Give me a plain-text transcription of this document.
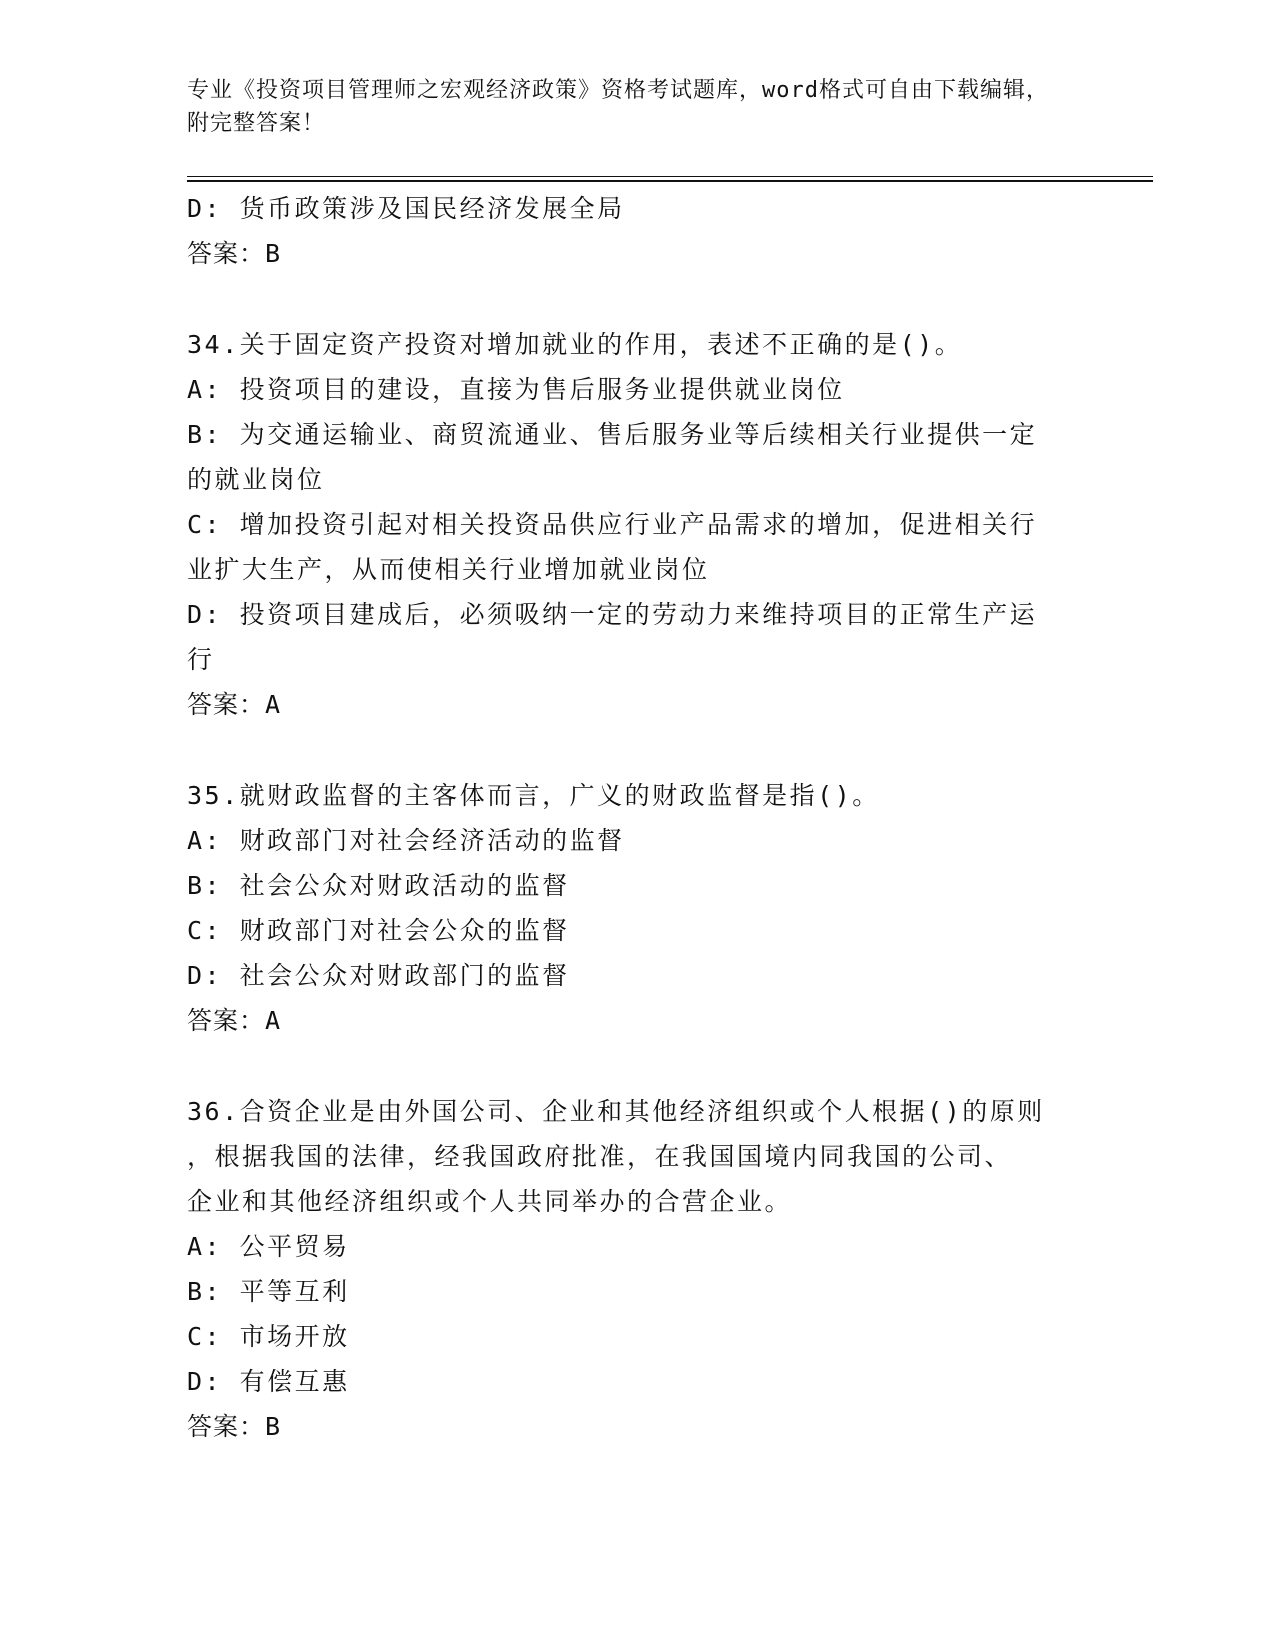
专业《投资项目管理师之宏观经济政策》资格考试题库，word格式可自由下载编辑，附完整答案！
D: 货币政策涉及国民经济发展全局
答案：B
34.关于固定资产投资对增加就业的作用，表述不正确的是()。
A: 投资项目的建设，直接为售后服务业提供就业岗位
B: 为交通运输业、商贸流通业、售后服务业等后续相关行业提供一定
的就业岗位
C: 增加投资引起对相关投资品供应行业产品需求的增加，促进相关行
业扩大生产，从而使相关行业增加就业岗位
D: 投资项目建成后，必须吸纳一定的劳动力来维持项目的正常生产运
行
答案：A
35.就财政监督的主客体而言，广义的财政监督是指()。
A: 财政部门对社会经济活动的监督
B: 社会公众对财政活动的监督
C: 财政部门对社会公众的监督
D: 社会公众对财政部门的监督
答案：A
36.合资企业是由外国公司、企业和其他经济组织或个人根据()的原则
，根据我国的法律，经我国政府批准，在我国国境内同我国的公司、
企业和其他经济组织或个人共同举办的合营企业。
A: 公平贸易
B: 平等互利
C: 市场开放
D: 有偿互惠
答案：B
